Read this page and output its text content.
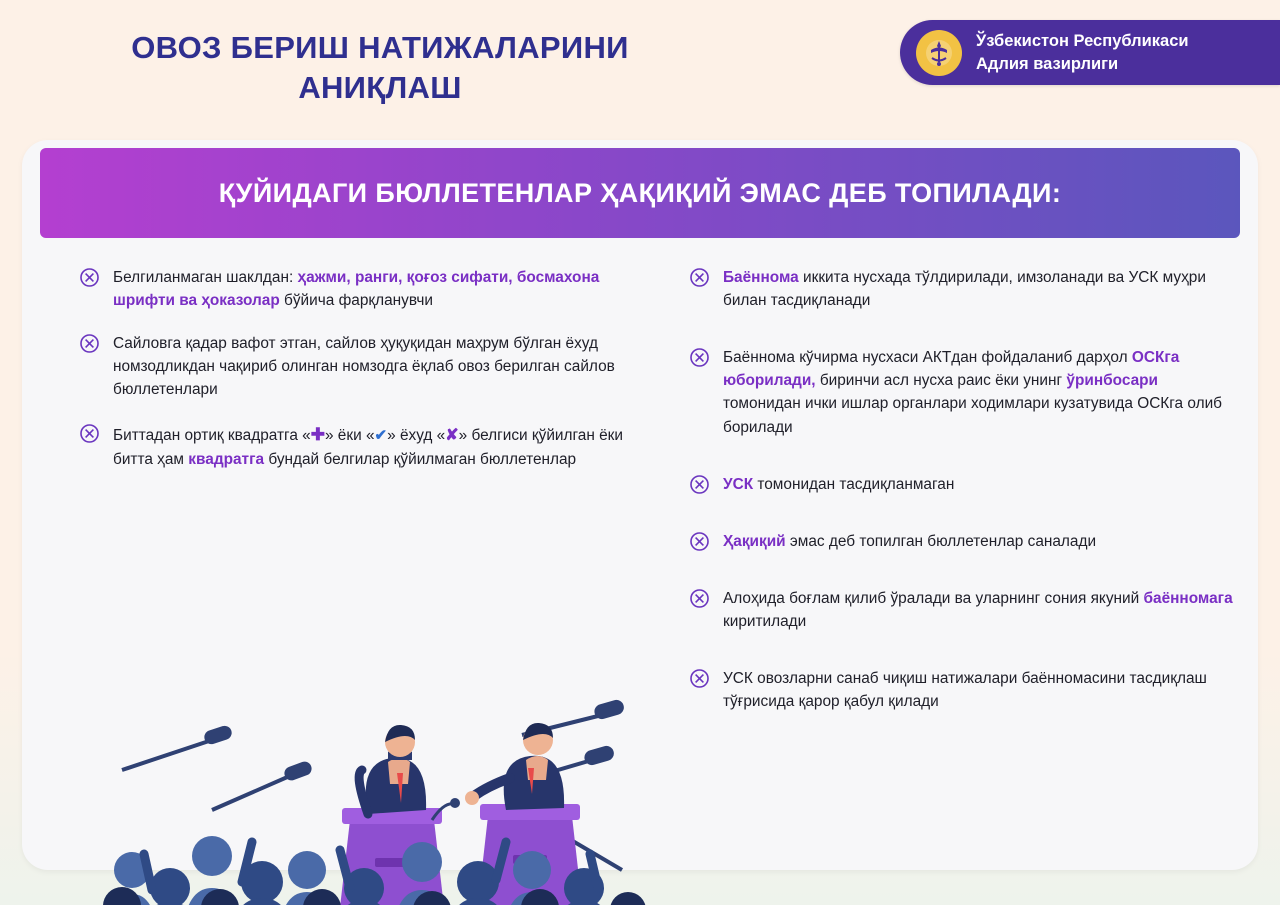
ОВОЗ БЕРИШ НАТИЖАЛАРИНИ АНИҚЛАШ
Ўзбекистон Республикаси
Адлия вазирлиги
ҚУЙИДАГИ БЮЛЛЕТЕНЛАР ҲАҚИҚИЙ ЭМАС ДЕБ ТОПИЛАДИ:
Белгиланмаган шаклдан: ҳажми, ранги, қоғоз сифати, босмахона шрифти ва ҳоказолар бўйича фарқланувчи
Сайловга қадар вафот этган, сайлов ҳуқуқидан маҳрум бўлган ёхуд номзодликдан чақириб олинган номзодга ёқлаб овоз берилган сайлов бюллетенлари
Биттадан ортиқ квадратга «✚» ёки «✔» ёхуд «✘» белгиси қўйилган ёки битта ҳам квадратга бундай белгилар қўйилмаган бюллетенлар
Баённома иккита нусхада тўлдирилади, имзоланади ва УСК муҳри билан тасдиқланади
Баённома кўчирма нусхаси АКТдан фойдаланиб дарҳол ОСКга юборилади, биринчи асл нусха раис ёки унинг ўринбосари томонидан ички ишлар органлари ходимлари кузатувида ОСКга олиб борилади
УСК томонидан тасдиқланмаган
Ҳақиқий эмас деб топилган бюллетенлар саналади
Алоҳида боғлам қилиб ўралади ва уларнинг сония якуний баённомага киритилади
УСК овозларни санаб чиқиш натижалари баённомасини тасдиқлаш тўғрисида қарор қабул қилади
